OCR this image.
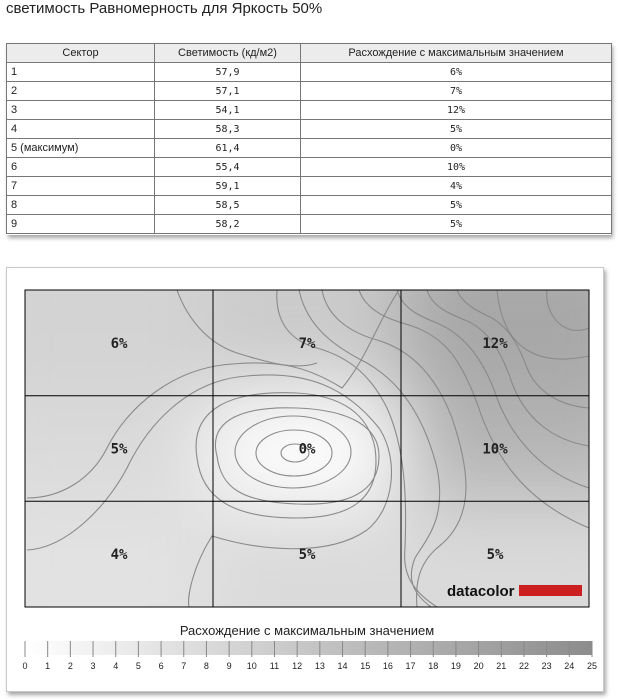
светимость Равномерность для Яркость 50%
Сектор	Светимость (кд/м2)	Расхождение с максимальным значением
1	57,9	6%
2	57,1	7%
3	54,1	12%
4	58,3	5%
5 (максимум)	61,4	0%
6	55,4	10%
7	59,1	4%
8	58,5	5%
9	58,2	5%
6%	7%	12%
5%	0%	10%
4%	5%	5%
datacolor
Расхождение с максимальным значением
0 1 2 3 4 5 6 7 8 9 10 11 12 13 14 15 16 17 18 19 20 21 22 23 24 25
